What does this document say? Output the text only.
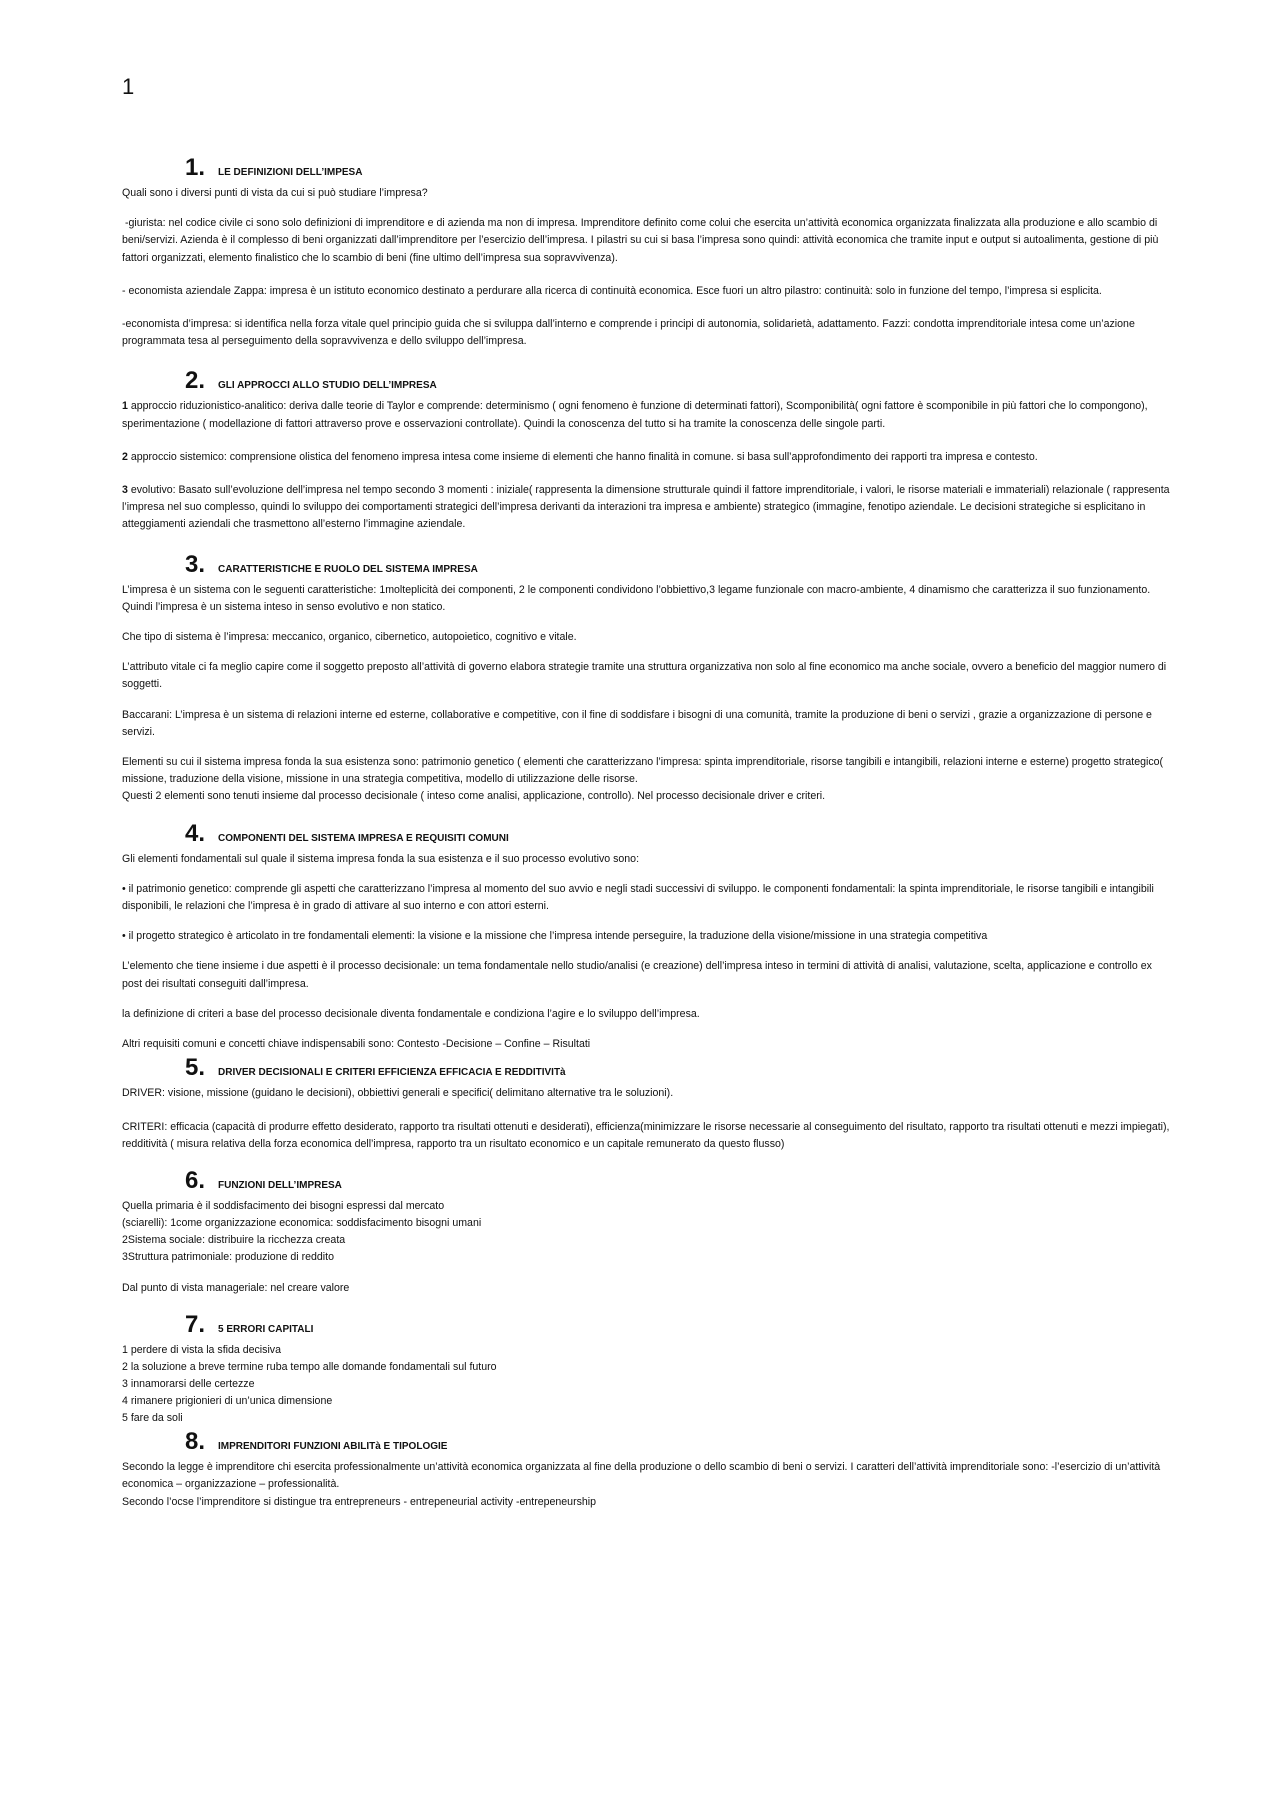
1
1. LE DEFINIZIONI DELL’IMPESA

Quali sono i diversi punti di vista da cui si può studiare l’impresa?

-giurista: nel codice civile ci sono solo definizioni di imprenditore e di azienda ma non di impresa. Imprenditore definito come colui che esercita un’attività economica organizzata finalizzata alla produzione e allo scambio di beni/servizi. Azienda è il complesso di beni organizzati dall’imprenditore per l’esercizio dell’impresa. I pilastri su cui si basa l’impresa sono quindi: attività economica che tramite input e output si autoalimenta, gestione di più fattori organizzati, elemento finalistico che lo scambio di beni (fine ultimo dell’impresa sua sopravvivenza).

- economista aziendale Zappa: impresa è un istituto economico destinato a perdurare alla ricerca di continuità economica. Esce fuori un altro pilastro: continuità: solo in funzione del tempo, l’impresa si esplicita.

-economista d’impresa: si identifica nella forza vitale quel principio guida che si sviluppa dall’interno e comprende i principi di autonomia, solidarietà, adattamento. Fazzi: condotta imprenditoriale intesa come un’azione programmata tesa al perseguimento della sopravvivenza e dello sviluppo dell’impresa.

2. GLI APPROCCI ALLO STUDIO DELL’IMPRESA

1 approccio riduzionistico-analitico: deriva dalle teorie di Taylor e comprende: determinismo ( ogni fenomeno è funzione di determinati fattori), Scomponibilità( ogni fattore è scomponibile in più fattori che lo compongono), sperimentazione ( modellazione di fattori attraverso prove e osservazioni controllate). Quindi la conoscenza del tutto si ha tramite la conoscenza delle singole parti.

2 approccio sistemico: comprensione olistica del fenomeno impresa intesa come insieme di elementi che hanno finalità in comune. si basa sull’approfondimento dei rapporti tra impresa e contesto.

3 evolutivo: Basato sull’evoluzione dell’impresa nel tempo secondo 3 momenti : iniziale( rappresenta la dimensione strutturale quindi il fattore imprenditoriale, i valori, le risorse materiali e immateriali) relazionale ( rappresenta l’impresa nel suo complesso, quindi lo sviluppo dei comportamenti strategici dell’impresa derivanti da interazioni tra impresa e ambiente) strategico (immagine, fenotipo aziendale. Le decisioni strategiche si esplicitano in atteggiamenti aziendali che trasmettono all’esterno l’immagine aziendale.

3. CARATTERISTICHE E RUOLO DEL SISTEMA IMPRESA

L’impresa è un sistema con le seguenti caratteristiche: 1molteplicità dei componenti, 2 le componenti condividono l’obbiettivo,3 legame funzionale con macro-ambiente, 4 dinamismo che caratterizza il suo funzionamento. Quindi l’impresa è un sistema inteso in senso evolutivo e non statico.

Che tipo di sistema è l’impresa: meccanico, organico, cibernetico, autopoietico, cognitivo e vitale.

L’attributo vitale ci fa meglio capire come il soggetto preposto all’attività di governo elabora strategie tramite una struttura organizzativa non solo al fine economico ma anche sociale, ovvero a beneficio del maggior numero di soggetti.

Baccarani: L’impresa è un sistema di relazioni interne ed esterne, collaborative e competitive, con il fine di soddisfare i bisogni di una comunità, tramite la produzione di beni o servizi , grazie a organizzazione di persone e servizi.

Elementi su cui il sistema impresa fonda la sua esistenza sono: patrimonio genetico ( elementi che caratterizzano l’impresa: spinta imprenditoriale, risorse tangibili e intangibili, relazioni interne e esterne) progetto strategico( missione, traduzione della visione, missione in una strategia competitiva, modello di utilizzazione delle risorse.

Questi 2 elementi sono tenuti insieme dal processo decisionale ( inteso come analisi, applicazione, controllo). Nel processo decisionale driver e criteri.

4. COMPONENTI DEL SISTEMA IMPRESA E REQUISITI COMUNI

Gli elementi fondamentali sul quale il sistema impresa fonda la sua esistenza e il suo processo evolutivo sono:

• il patrimonio genetico: comprende gli aspetti che caratterizzano l’impresa al momento del suo avvio e negli stadi successivi di sviluppo. le componenti fondamentali: la spinta imprenditoriale, le risorse tangibili e intangibili disponibili, le relazioni che l’impresa è in grado di attivare al suo interno e con attori esterni.

• il progetto strategico è articolato in tre fondamentali elementi: la visione e la missione che l’impresa intende perseguire, la traduzione della visione/missione in una strategia competitiva

L’elemento che tiene insieme i due aspetti è il processo decisionale: un tema fondamentale nello studio/analisi (e creazione) dell’impresa inteso in termini di attività di analisi, valutazione, scelta, applicazione e controllo ex post dei risultati conseguiti dall’impresa.

la definizione di criteri a base del processo decisionale diventa fondamentale e condiziona l’agire e lo sviluppo dell’impresa.

Altri requisiti comuni e concetti chiave indispensabili sono: Contesto -Decisione – Confine – Risultati

5. DRIVER DECISIONALI E CRITERI EFFICIENZA EFFICACIA E REDDITIVITà

DRIVER: visione, missione (guidano le decisioni), obbiettivi generali e specifici( delimitano alternative tra le soluzioni).

CRITERI: efficacia (capacità di produrre effetto desiderato, rapporto tra risultati ottenuti e desiderati), efficienza(minimizzare le risorse necessarie al conseguimento del risultato, rapporto tra risultati ottenuti e mezzi impiegati), redditività ( misura relativa della forza economica dell’impresa, rapporto tra un risultato economico e un capitale remunerato da questo flusso)

6. FUNZIONI DELL’IMPRESA
Quella primaria è il soddisfacimento dei bisogni espressi dal mercato
(sciarelli): 1come organizzazione economica: soddisfacimento bisogni umani
2Sistema sociale: distribuire la ricchezza creata
3Struttura patrimoniale: produzione di reddito

Dal punto di vista manageriale: nel creare valore

7. 5 ERRORI CAPITALI
1 perdere di vista la sfida decisiva
2 la soluzione a breve termine ruba tempo alle domande fondamentali sul futuro
3 innamorarsi delle certezze
4 rimanere prigionieri di un’unica dimensione
5 fare da soli
8. IMPRENDITORI FUNZIONI ABILITà E TIPOLOGIE

Secondo la legge è imprenditore chi esercita professionalmente un’attività economica organizzata al fine della produzione o dello scambio di beni o servizi. I caratteri dell’attività imprenditoriale sono: -l’esercizio di un’attività economica – organizzazione – professionalità.

Secondo l’ocse l’imprenditore si distingue tra entrepreneurs - entrepeneurial activity -entrepeneurship
